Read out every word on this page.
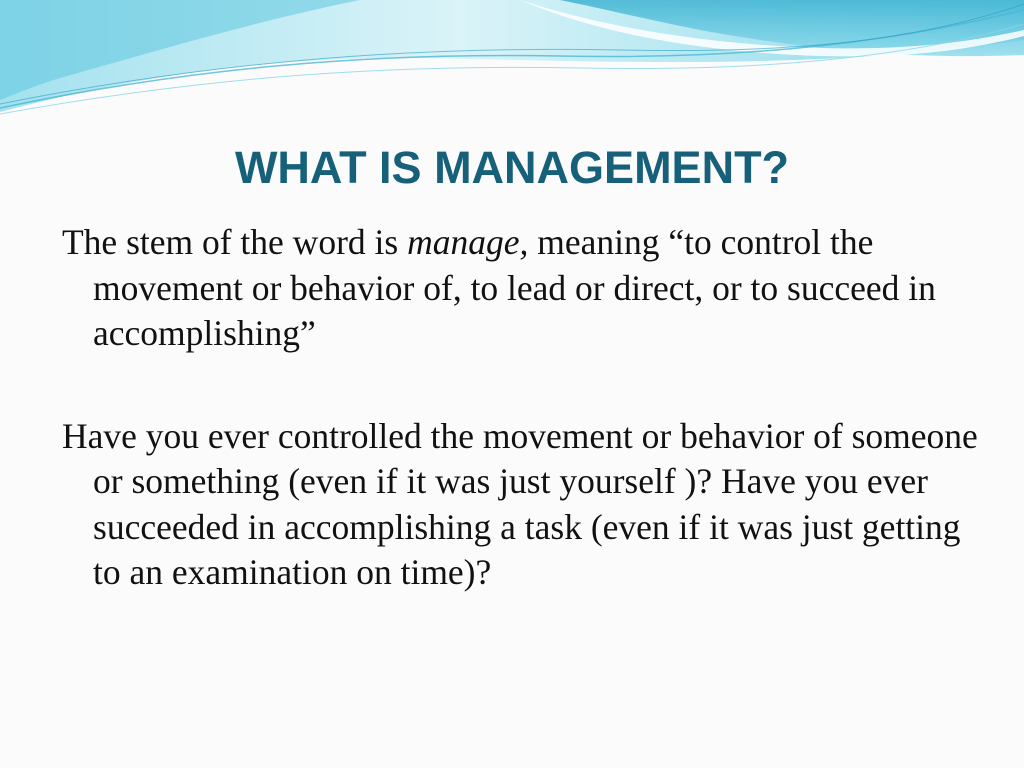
WHAT IS MANAGEMENT?

The stem of the word is manage, meaning “to control the movement or behavior of, to lead or direct, or to succeed in accomplishing”

Have you ever controlled the movement or behavior of someone or something (even if it was just yourself )? Have you ever succeeded in accomplishing a task (even if it was just getting to an examination on time)?
